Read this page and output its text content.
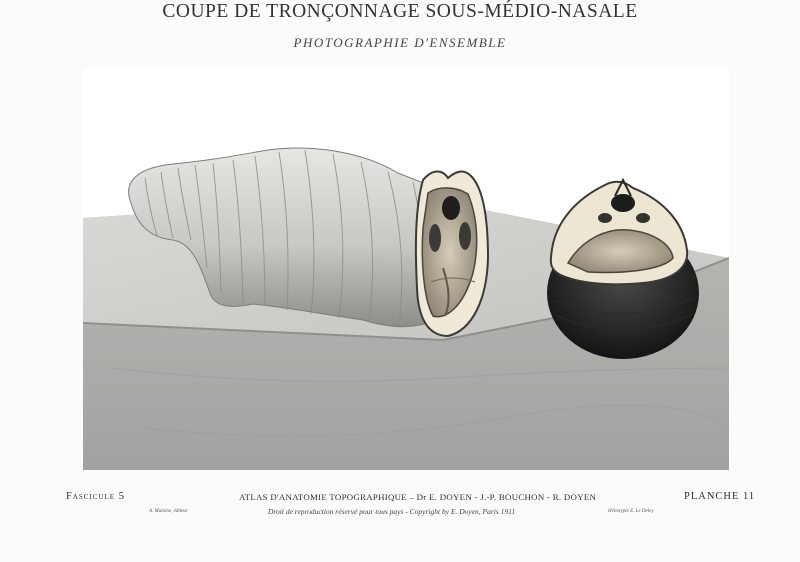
COUPE DE TRONÇONNAGE SOUS-MÉDIO-NASALE
PHOTOGRAPHIE D'ENSEMBLE
Fascicule 5	ATLAS D'ANATOMIE TOPOGRAPHIQUE – Dr E. DOYEN - J.-P. BOUCHON - R. DOYEN	PLANCHE 11
A. Maloine, éditeur	Droit de reproduction réservé pour tous pays - Copyright by E. Doyen, Paris 1911	Héliotypie E. Le Deley
